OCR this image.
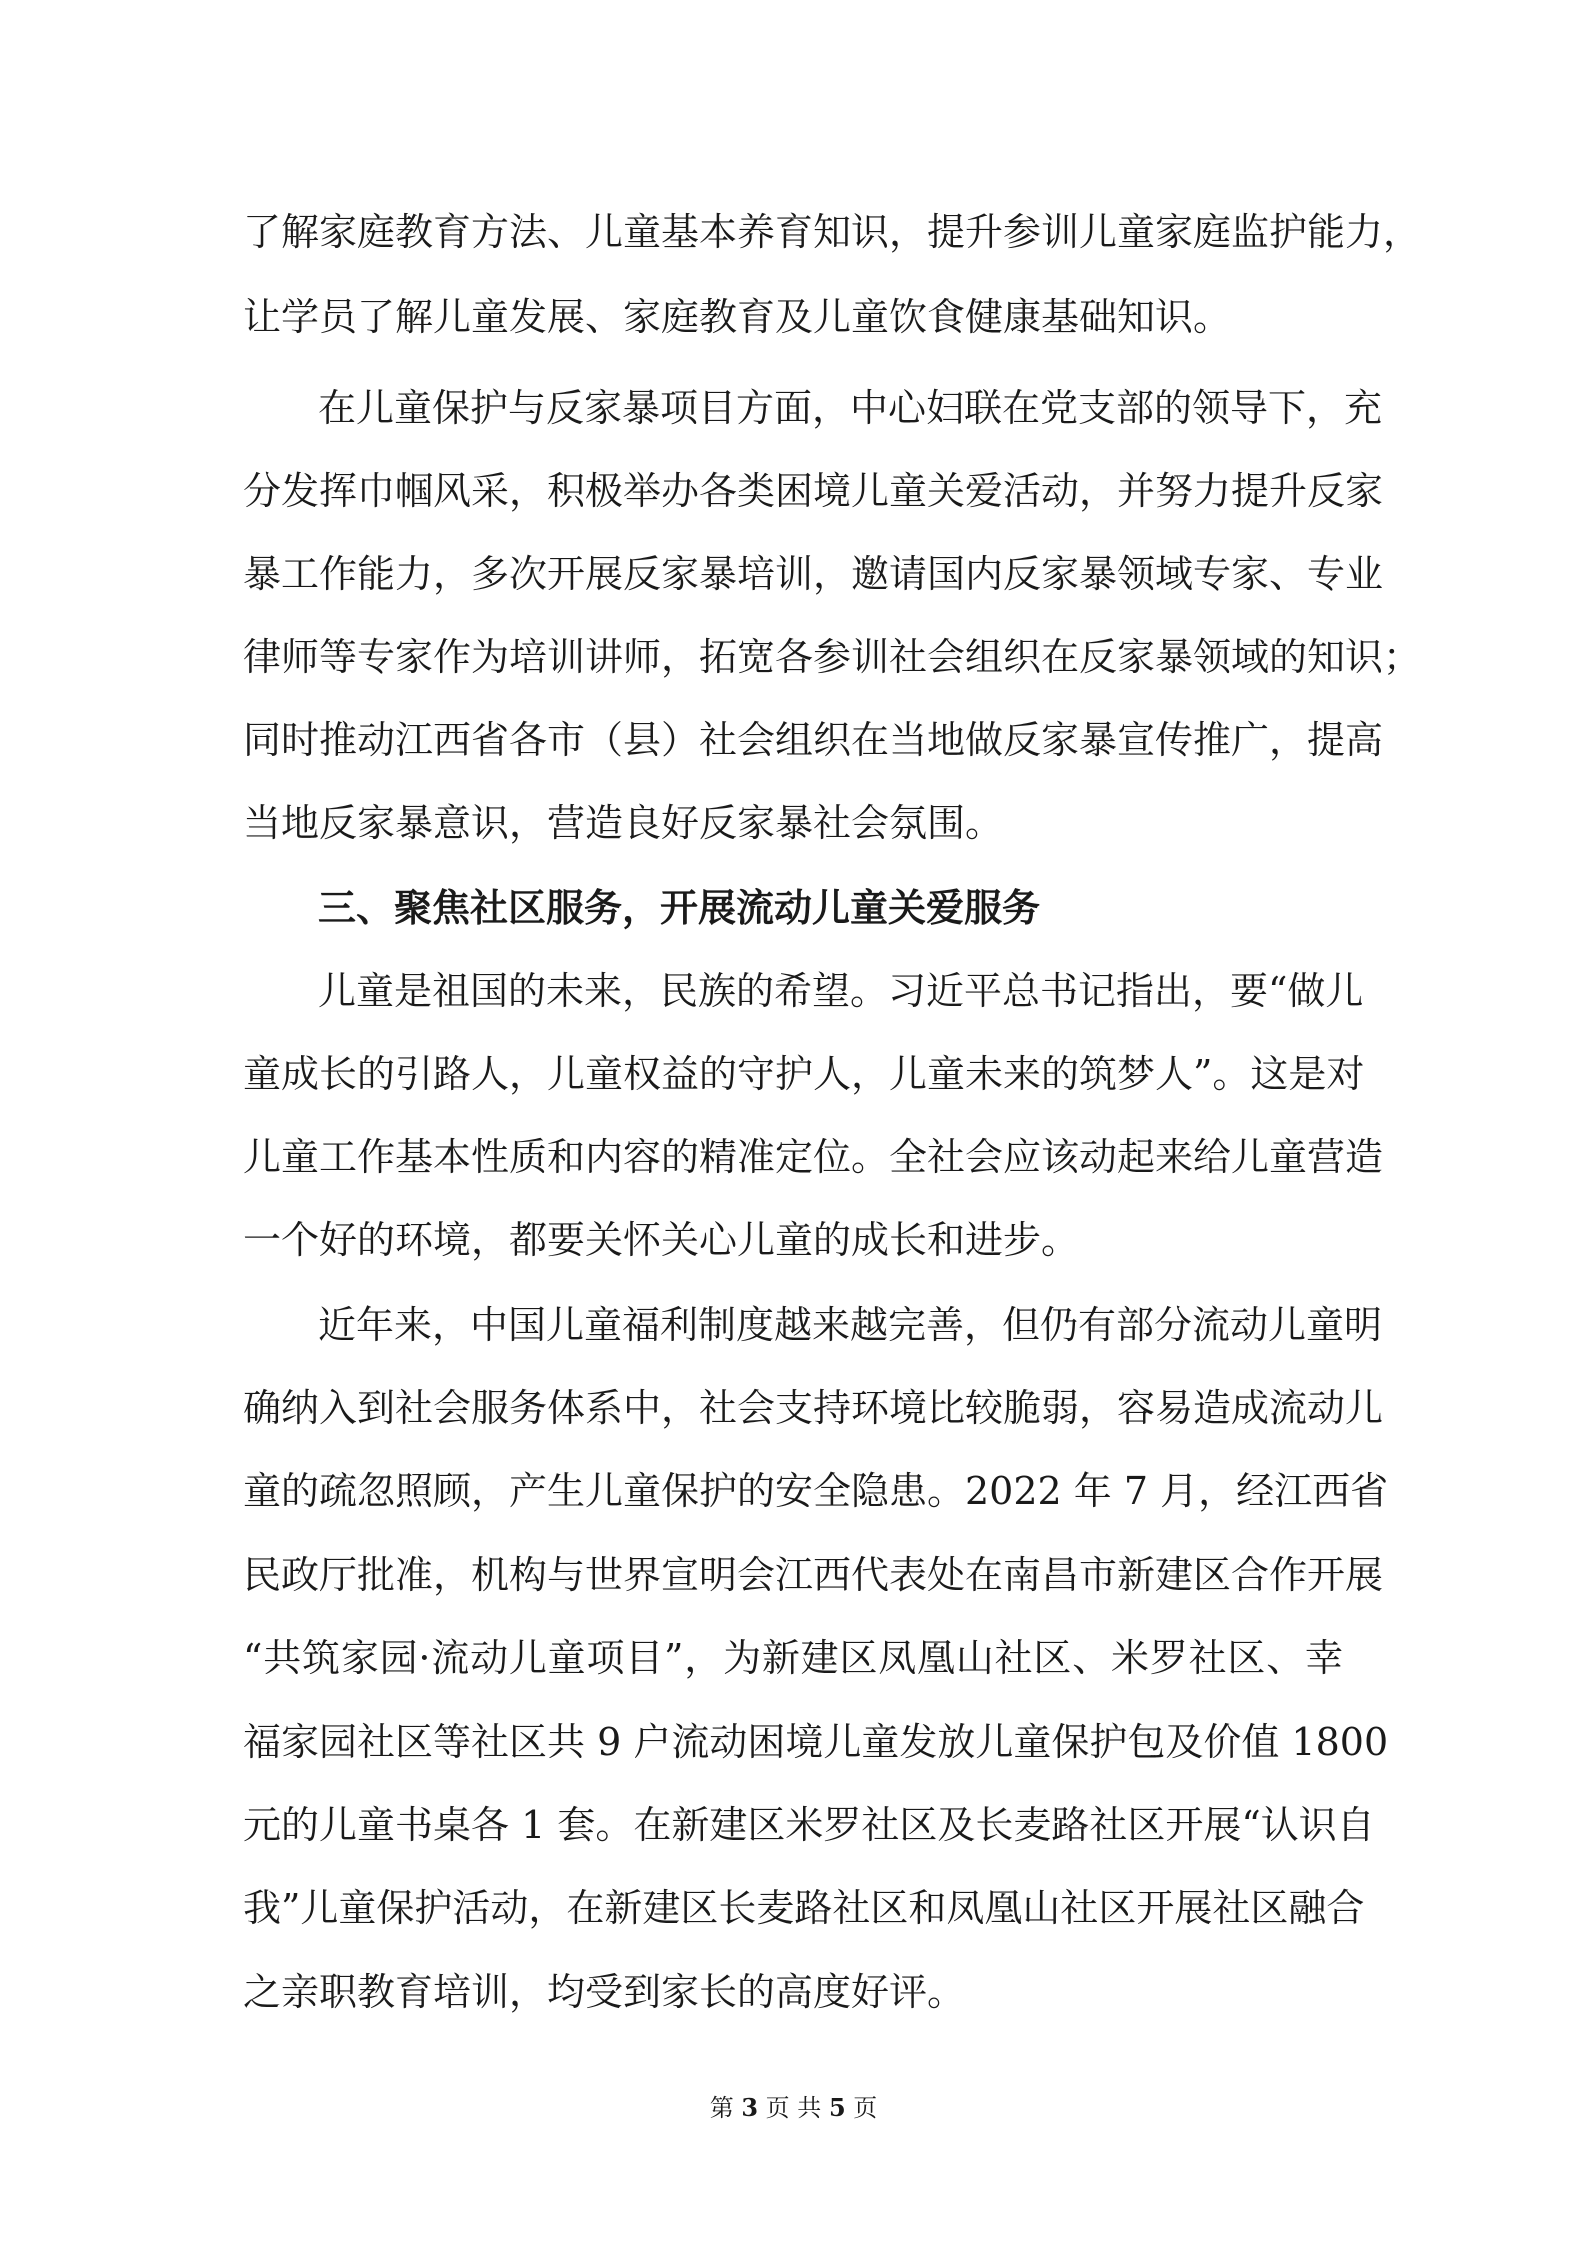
了解家庭教育方法、儿童基本养育知识，提升参训儿童家庭监护能力，
让学员了解儿童发展、家庭教育及儿童饮食健康基础知识。
在儿童保护与反家暴项目方面，中心妇联在党支部的领导下，充
分发挥巾帼风采，积极举办各类困境儿童关爱活动，并努力提升反家
暴工作能力，多次开展反家暴培训，邀请国内反家暴领域专家、专业
律师等专家作为培训讲师，拓宽各参训社会组织在反家暴领域的知识；
同时推动江西省各市（县）社会组织在当地做反家暴宣传推广，提高
当地反家暴意识，营造良好反家暴社会氛围。
三、聚焦社区服务，开展流动儿童关爱服务
儿童是祖国的未来，民族的希望。习近平总书记指出，要“做儿
童成长的引路人，儿童权益的守护人，儿童未来的筑梦人”。这是对
儿童工作基本性质和内容的精准定位。全社会应该动起来给儿童营造
一个好的环境，都要关怀关心儿童的成长和进步。
近年来，中国儿童福利制度越来越完善，但仍有部分流动儿童明
确纳入到社会服务体系中，社会支持环境比较脆弱，容易造成流动儿
童的疏忽照顾，产生儿童保护的安全隐患。2022 年 7 月，经江西省
民政厅批准，机构与世界宣明会江西代表处在南昌市新建区合作开展
“共筑家园·流动儿童项目”，为新建区凤凰山社区、米罗社区、幸
福家园社区等社区共 9 户流动困境儿童发放儿童保护包及价值 1800
元的儿童书桌各 1 套。在新建区米罗社区及长麦路社区开展“认识自
我”儿童保护活动，在新建区长麦路社区和凤凰山社区开展社区融合
之亲职教育培训，均受到家长的高度好评。
第 3 页 共 5 页
